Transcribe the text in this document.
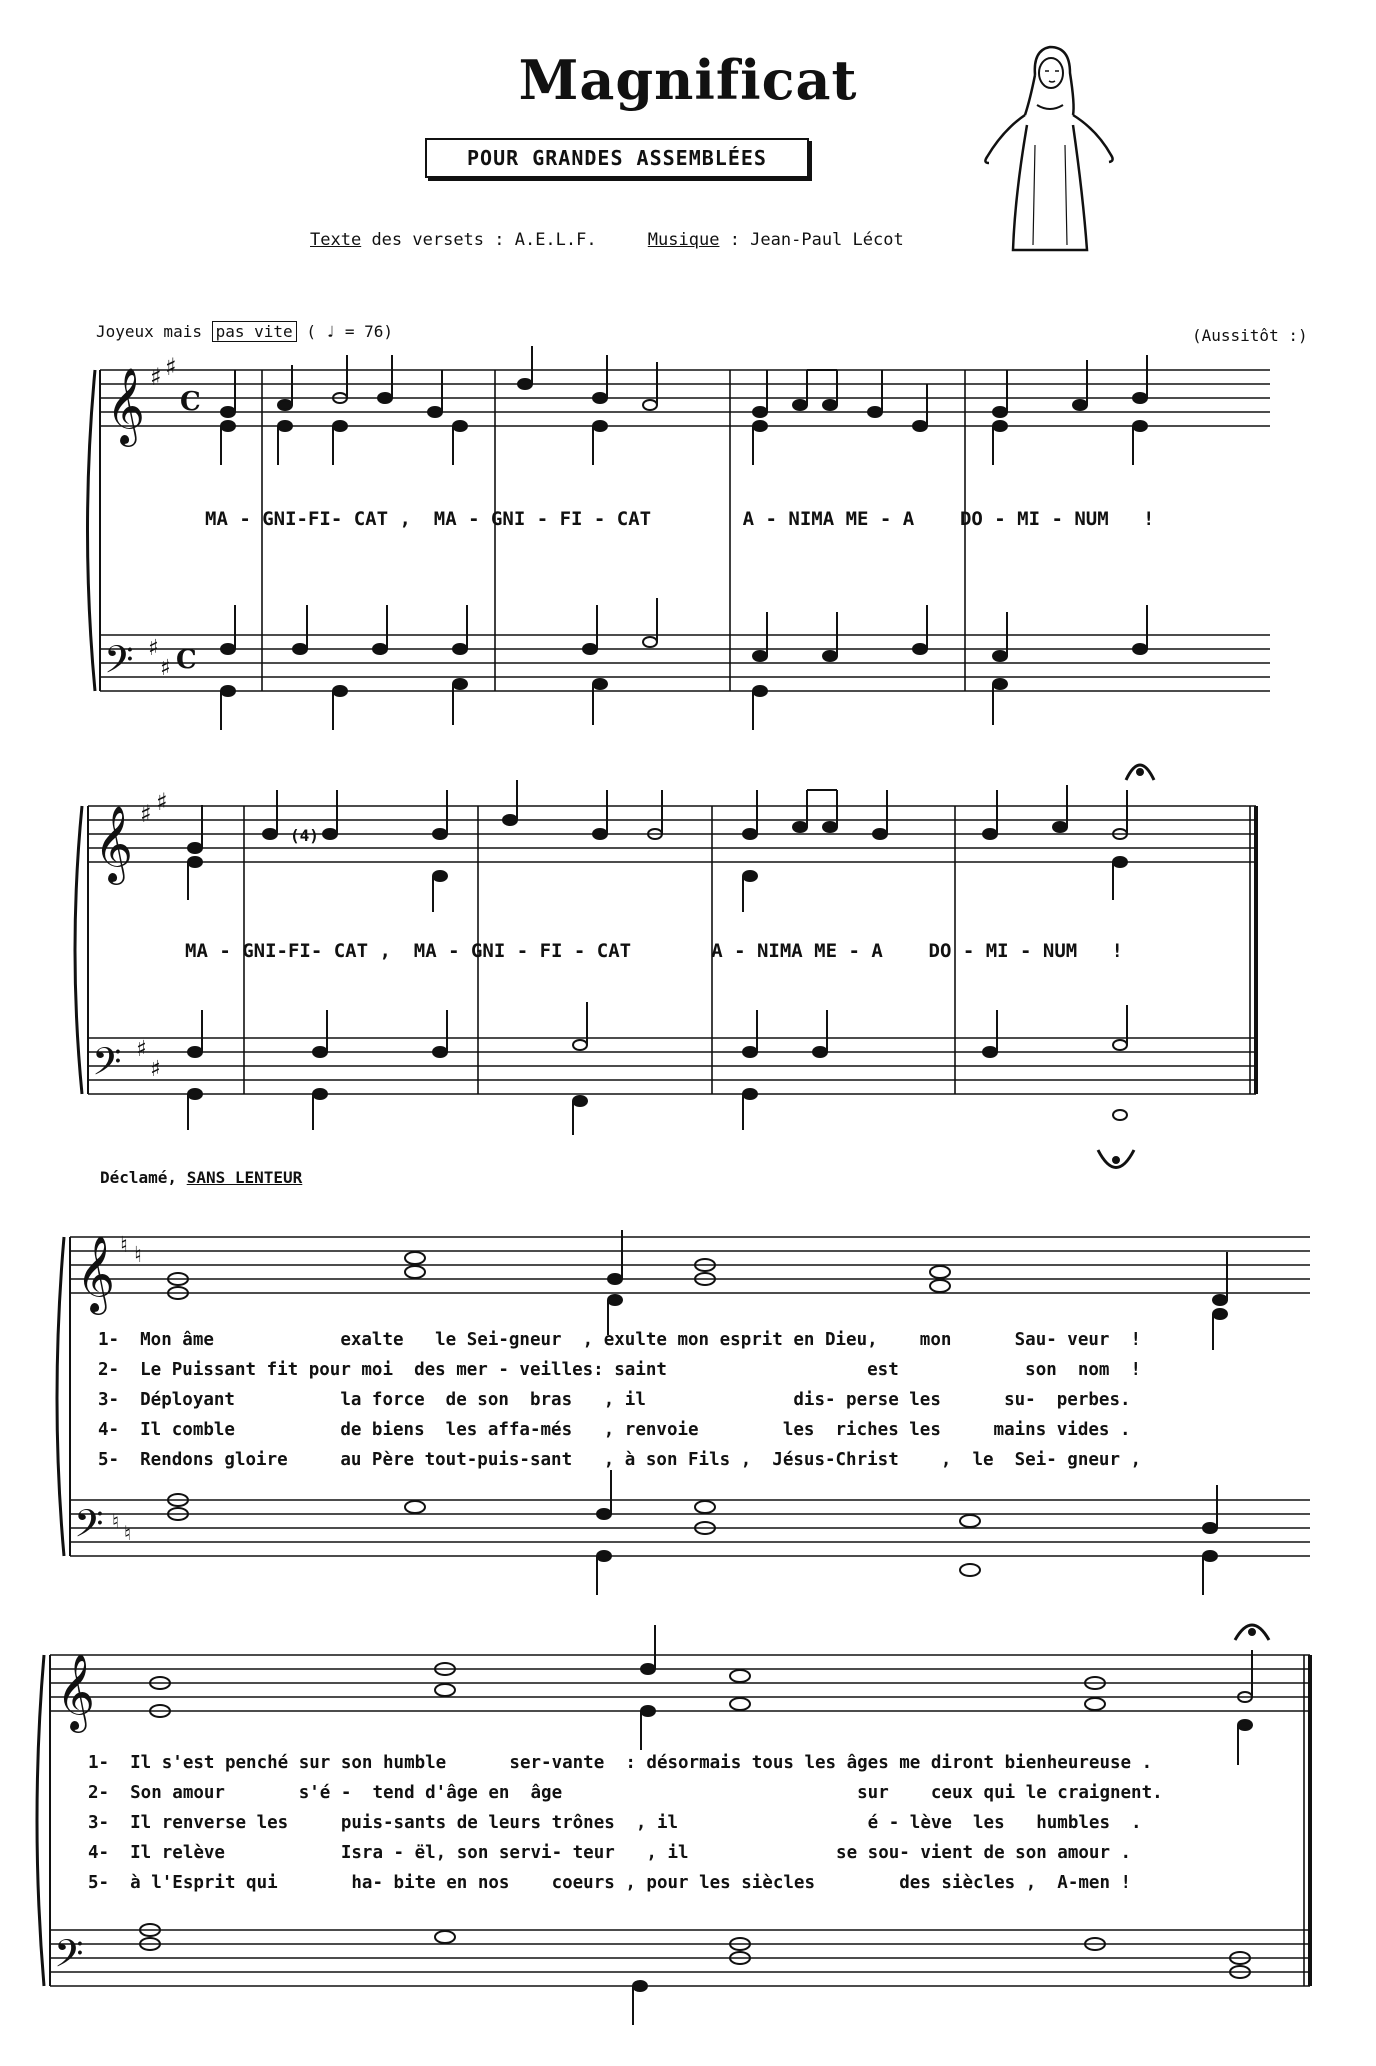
Magnificat
POUR GRANDES ASSEMBLÉES
Texte des versets : A.E.L.F.	Musique : Jean-Paul Lécot
Joyeux mais pas vite ( ♩ = 76)	(Aussitôt :)
𝄞 ♯ ♯
C
𝄢 ♯
♯ C
𝄞 ♯ ♯
𝄢 ♯
♯
𝄞 ♮ ♮
𝄢 ♮ ♮
𝄞
𝄢
MA - GNI-FI- CAT ,  MA - GNI - FI - CAT        A - NIMA ME - A    DO - MI - NUM   !
MA - GNI-FI- CAT ,  MA - GNI - FI - CAT       A - NIMA ME - A    DO - MI - NUM   !
(4)
Déclamé, SANS LENTEUR
1-  Mon âme            exalte   le Sei-gneur  , exulte mon esprit en Dieu,    mon      Sau- veur  !
2-  Le Puissant fit pour moi  des mer - veilles: saint                   est            son  nom  !
3-  Déployant          la force  de son  bras   , il              dis- perse les      su-  perbes.
4-  Il comble          de biens  les affa-més   , renvoie        les  riches les     mains vides .
5-  Rendons gloire     au Père tout-puis-sant   , à son Fils ,  Jésus-Christ    ,  le  Sei- gneur ,
1-  Il s'est penché sur son humble      ser-vante  : désormais tous les âges me diront bienheureuse .
2-  Son amour       s'é -  tend d'âge en  âge                            sur    ceux qui le craignent.
3-  Il renverse les     puis-sants de leurs trônes  , il                  é - lève  les   humbles  .
4-  Il relève           Isra - ël, son servi- teur   , il              se sou- vient de son amour .
5-  à l'Esprit qui       ha- bite en nos    coeurs , pour les siècles        des siècles ,  A-men !
